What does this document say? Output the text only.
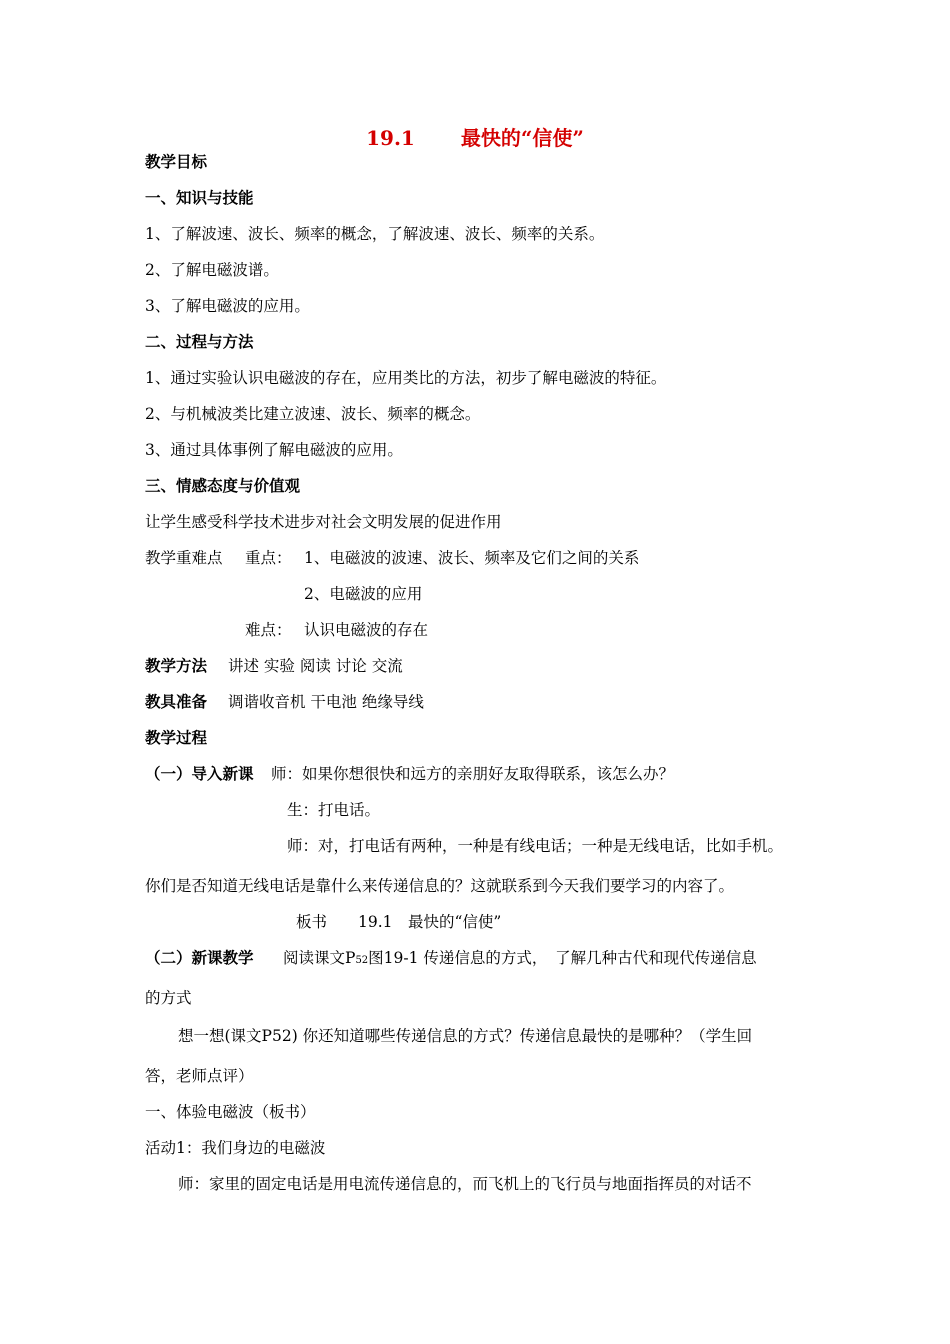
19.1 最快的“信使”
教学目标
一、知识与技能
1、了解波速、波长、频率的概念，了解波速、波长、频率的关系。
2、了解电磁波谱。
3、了解电磁波的应用。
二、过程与方法
1、通过实验认识电磁波的存在，应用类比的方法，初步了解电磁波的特征。
2、与机械波类比建立波速、波长、频率的概念。
3、通过具体事例了解电磁波的应用。
三、情感态度与价值观
让学生感受科学技术进步对社会文明发展的促进作用
教学重难点 重点： 1、电磁波的波速、波长、频率及它们之间的关系
2、电磁波的应用
难点： 认识电磁波的存在
教学方法 讲述 实验 阅读 讨论 交流
教具准备 调谐收音机 干电池 绝缘导线
教学过程
（一）导入新课 师：如果你想很快和远方的亲朋好友取得联系，该怎么办？
生：打电话。
师：对，打电话有两种，一种是有线电话；一种是无线电话，比如手机。
你们是否知道无线电话是靠什么来传递信息的？这就联系到今天我们要学习的内容了。
板书　　19.1　最快的“信使”
（二）新课教学 阅读课文P52图19-1 传递信息的方式，　了解几种古代和现代传递信息
的方式
想一想(课文P52) 你还知道哪些传递信息的方式？传递信息最快的是哪种？（学生回
答，老师点评）
一、体验电磁波（板书）
活动1：我们身边的电磁波
师：家里的固定电话是用电流传递信息的，而飞机上的飞行员与地面指挥员的对话不
